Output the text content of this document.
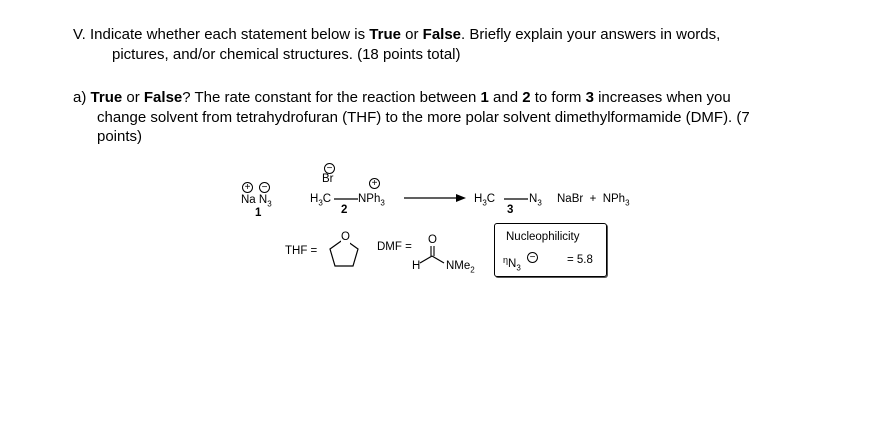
V. Indicate whether each statement below is True or False. Briefly explain your answers in words,
pictures, and/or chemical structures. (18 points total)
a) True or False? The rate constant for the reaction between 1 and 2 to form 3 increases when you
change solvent from tetrahydrofuran (THF) to the more polar solvent dimethylformamide (DMF). (7
points)
+ −
Na $N_3$
1
−
Br	+
$H_3C$ NPh$_3$
2
$H_3C$	$N_3$
3
NaBr + NPh$_3$
THF =
O
DMF =
O
H NMe$_2$
Nucleophilicity
$^\eta N_3$
−	= 5.8
